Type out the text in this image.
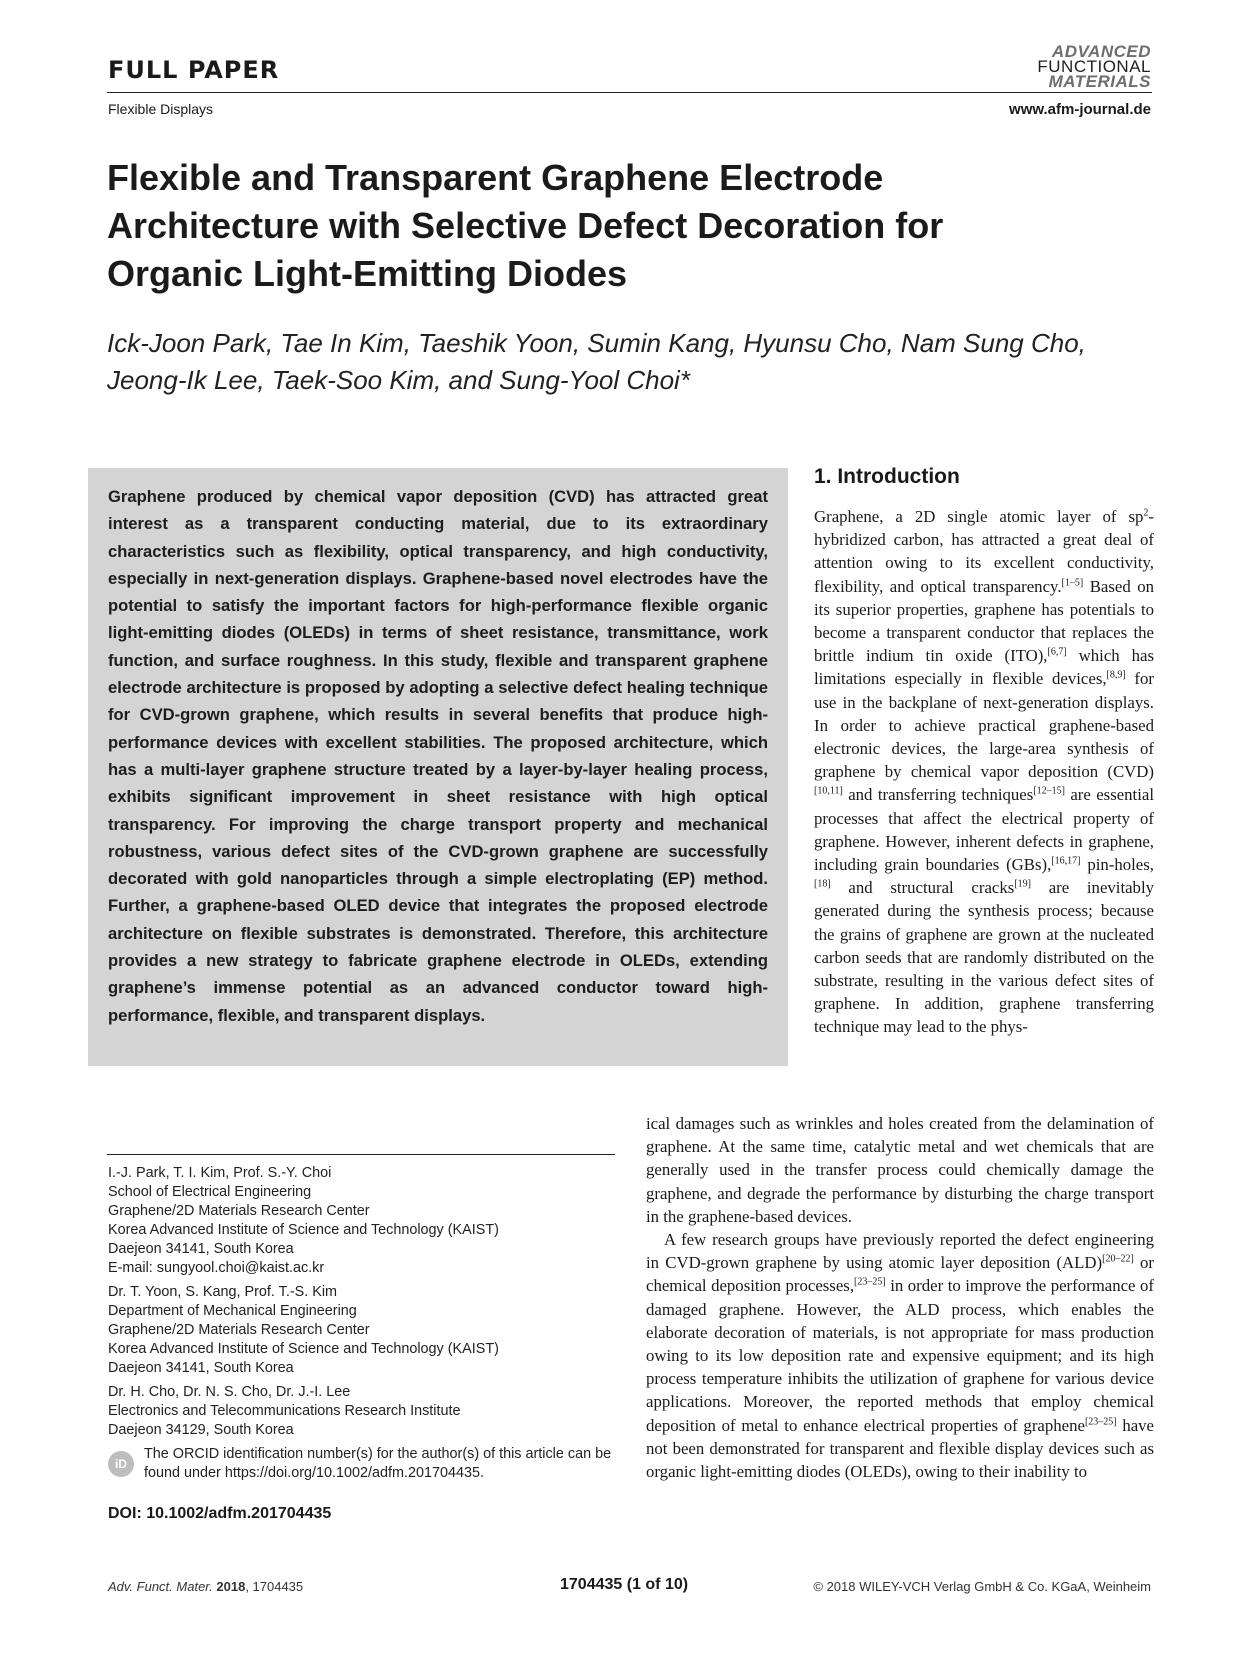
FULL PAPER
ADVANCED
FUNCTIONAL
MATERIALS
Flexible Displays	www.afm-journal.de
Flexible and Transparent Graphene Electrode Architecture with Selective Defect Decoration for Organic Light-Emitting Diodes
Ick-Joon Park, Tae In Kim, Taeshik Yoon, Sumin Kang, Hyunsu Cho, Nam Sung Cho, Jeong-Ik Lee, Taek-Soo Kim, and Sung-Yool Choi*
Graphene produced by chemical vapor deposition (CVD) has attracted great interest as a transparent conducting material, due to its extraordinary characteristics such as flexibility, optical transparency, and high conductivity, especially in next-generation displays. Graphene-based novel electrodes have the potential to satisfy the important factors for high-performance flexible organic light-emitting diodes (OLEDs) in terms of sheet resistance, transmittance, work function, and surface roughness. In this study, flexible and transparent graphene electrode architecture is proposed by adopting a selective defect healing technique for CVD-grown graphene, which results in several benefits that produce high-performance devices with excellent stabilities. The proposed architecture, which has a multi-layer graphene structure treated by a layer-by-layer healing process, exhibits significant improvement in sheet resistance with high optical transparency. For improving the charge transport property and mechanical robustness, various defect sites of the CVD-grown graphene are successfully decorated with gold nanoparticles through a simple electroplating (EP) method. Further, a graphene-based OLED device that integrates the proposed electrode architecture on flexible substrates is demonstrated. Therefore, this architecture provides a new strategy to fabricate graphene electrode in OLEDs, extending graphene’s immense potential as an advanced conductor toward high-performance, flexible, and transparent displays.
1. Introduction

Graphene, a 2D single atomic layer of $sp^2$-hybridized carbon, has attracted a great deal of attention owing to its excellent conductivity, flexibility, and optical transparency.[1–5] Based on its superior properties, graphene has potentials to become a transparent conductor that replaces the brittle indium tin oxide (ITO),[6,7] which has limitations especially in flexible devices,[8,9] for use in the backplane of next-generation displays. In order to achieve practical graphene-based electronic devices, the large-area synthesis of graphene by chemical vapor deposition (CVD)[10,11] and transferring techniques[12–15] are essential processes that affect the electrical property of graphene. However, inherent defects in graphene, including grain boundaries (GBs),[16,17] pin-holes,[18] and structural cracks[19] are inevitably generated during the synthesis process; because the grains of graphene are grown at the nucleated carbon seeds that are randomly distributed on the substrate, resulting in the various defect sites of graphene. In addition, graphene transferring technique may lead to the phys-

ical damages such as wrinkles and holes created from the delamination of graphene. At the same time, catalytic metal and wet chemicals that are generally used in the transfer process could chemically damage the graphene, and degrade the performance by disturbing the charge transport in the graphene-based devices.

A few research groups have previously reported the defect engineering in CVD-grown graphene by using atomic layer deposition (ALD)[20–22] or chemical deposition processes,[23–25] in order to improve the performance of damaged graphene. However, the ALD process, which enables the elaborate decoration of materials, is not appropriate for mass production owing to its low deposition rate and expensive equipment; and its high process temperature inhibits the utilization of graphene for various device applications. Moreover, the reported methods that employ chemical deposition of metal to enhance electrical properties of graphene[23–25] have not been demonstrated for transparent and flexible display devices such as organic light-emitting diodes (OLEDs), owing to their inability to

I.-J. Park, T. I. Kim, Prof. S.-Y. Choi
School of Electrical Engineering
Graphene/2D Materials Research Center
Korea Advanced Institute of Science and Technology (KAIST)
Daejeon 34141, South Korea
E-mail: sungyool.choi@kaist.ac.kr
Dr. T. Yoon, S. Kang, Prof. T.-S. Kim
Department of Mechanical Engineering
Graphene/2D Materials Research Center
Korea Advanced Institute of Science and Technology (KAIST)
Daejeon 34141, South Korea
Dr. H. Cho, Dr. N. S. Cho, Dr. J.-I. Lee
Electronics and Telecommunications Research Institute
Daejeon 34129, South Korea
iD
The ORCID identification number(s) for the author(s) of this article can be found under https://doi.org/10.1002/adfm.201704435.
DOI: 10.1002/adfm.201704435
Adv. Funct. Mater. 2018, 1704435	1704435 (1 of 10)	© 2018 WILEY-VCH Verlag GmbH & Co. KGaA, Weinheim
